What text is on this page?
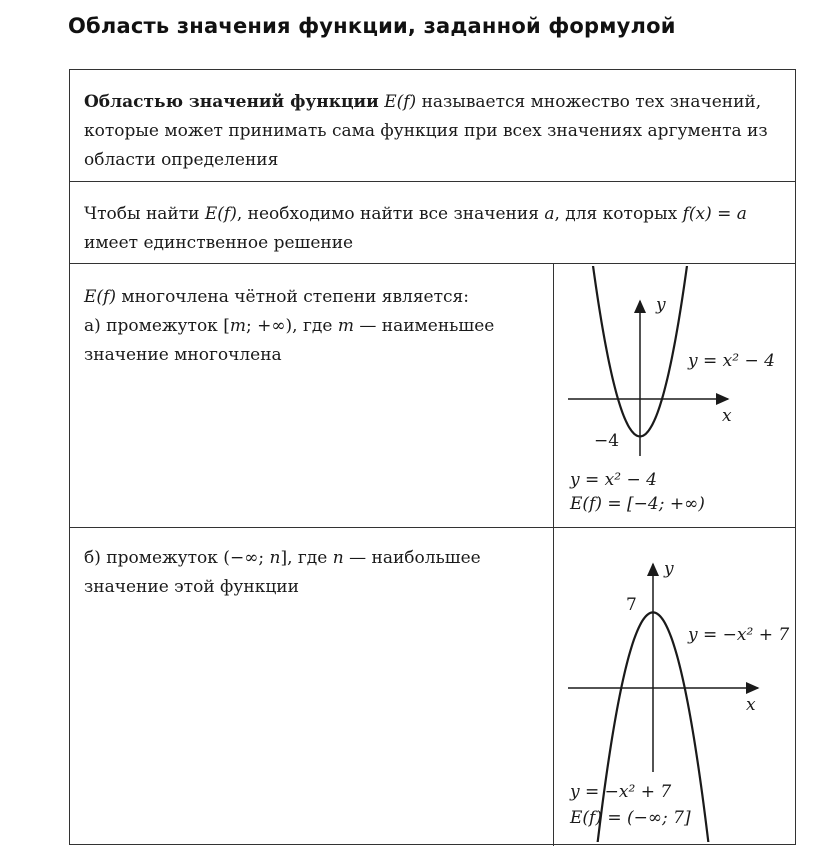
Область значения функции, заданной формулой
Областью значений функции E(f) называется множество тех значений, которые может принимать сама функция при всех значениях аргумента из области определения
Чтобы найти E(f), необходимо найти все значения a, для которых f(x) = a имеет единственное решение
E(f) многочлена чётной степени является:
а) промежуток [m; +∞), где m — наименьшее значение многочлена
б) промежуток (−∞; n], где n — наибольшее значение этой функции
y
x
y = x² − 4
−4
y = x² − 4
E(f) = [−4; +∞)
y
x
y = −x² + 7
7
y = −x² + 7
E(f) = (−∞; 7]
